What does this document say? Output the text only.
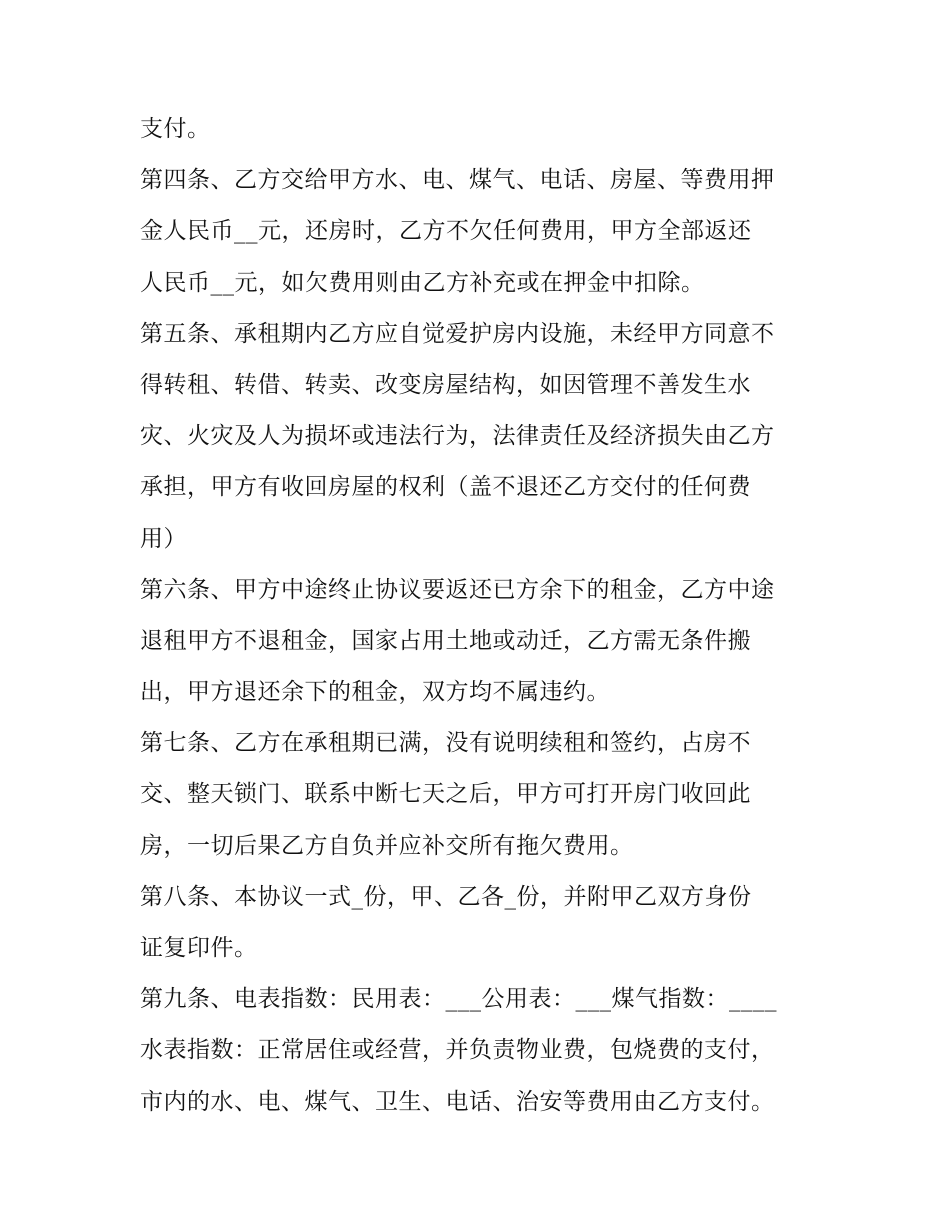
支付。
第四条、乙方交给甲方水、电、煤气、电话、房屋、等费用押
金人民币__元，还房时，乙方不欠任何费用，甲方全部返还
人民币__元，如欠费用则由乙方补充或在押金中扣除。
第五条、承租期内乙方应自觉爱护房内设施，未经甲方同意不
得转租、转借、转卖、改变房屋结构，如因管理不善发生水
灾、火灾及人为损坏或违法行为，法律责任及经济损失由乙方
承担，甲方有收回房屋的权利（盖不退还乙方交付的任何费
用）
第六条、甲方中途终止协议要返还已方余下的租金，乙方中途
退租甲方不退租金，国家占用土地或动迁，乙方需无条件搬
出，甲方退还余下的租金，双方均不属违约。
第七条、乙方在承租期已满，没有说明续租和签约，占房不
交、整天锁门、联系中断七天之后，甲方可打开房门收回此
房，一切后果乙方自负并应补交所有拖欠费用。
第八条、本协议一式_份，甲、乙各_份，并附甲乙双方身份
证复印件。
第九条、电表指数：民用表：___公用表：___煤气指数：____
水表指数：正常居住或经营，并负责物业费，包烧费的支付，
市内的水、电、煤气、卫生、电话、治安等费用由乙方支付。
